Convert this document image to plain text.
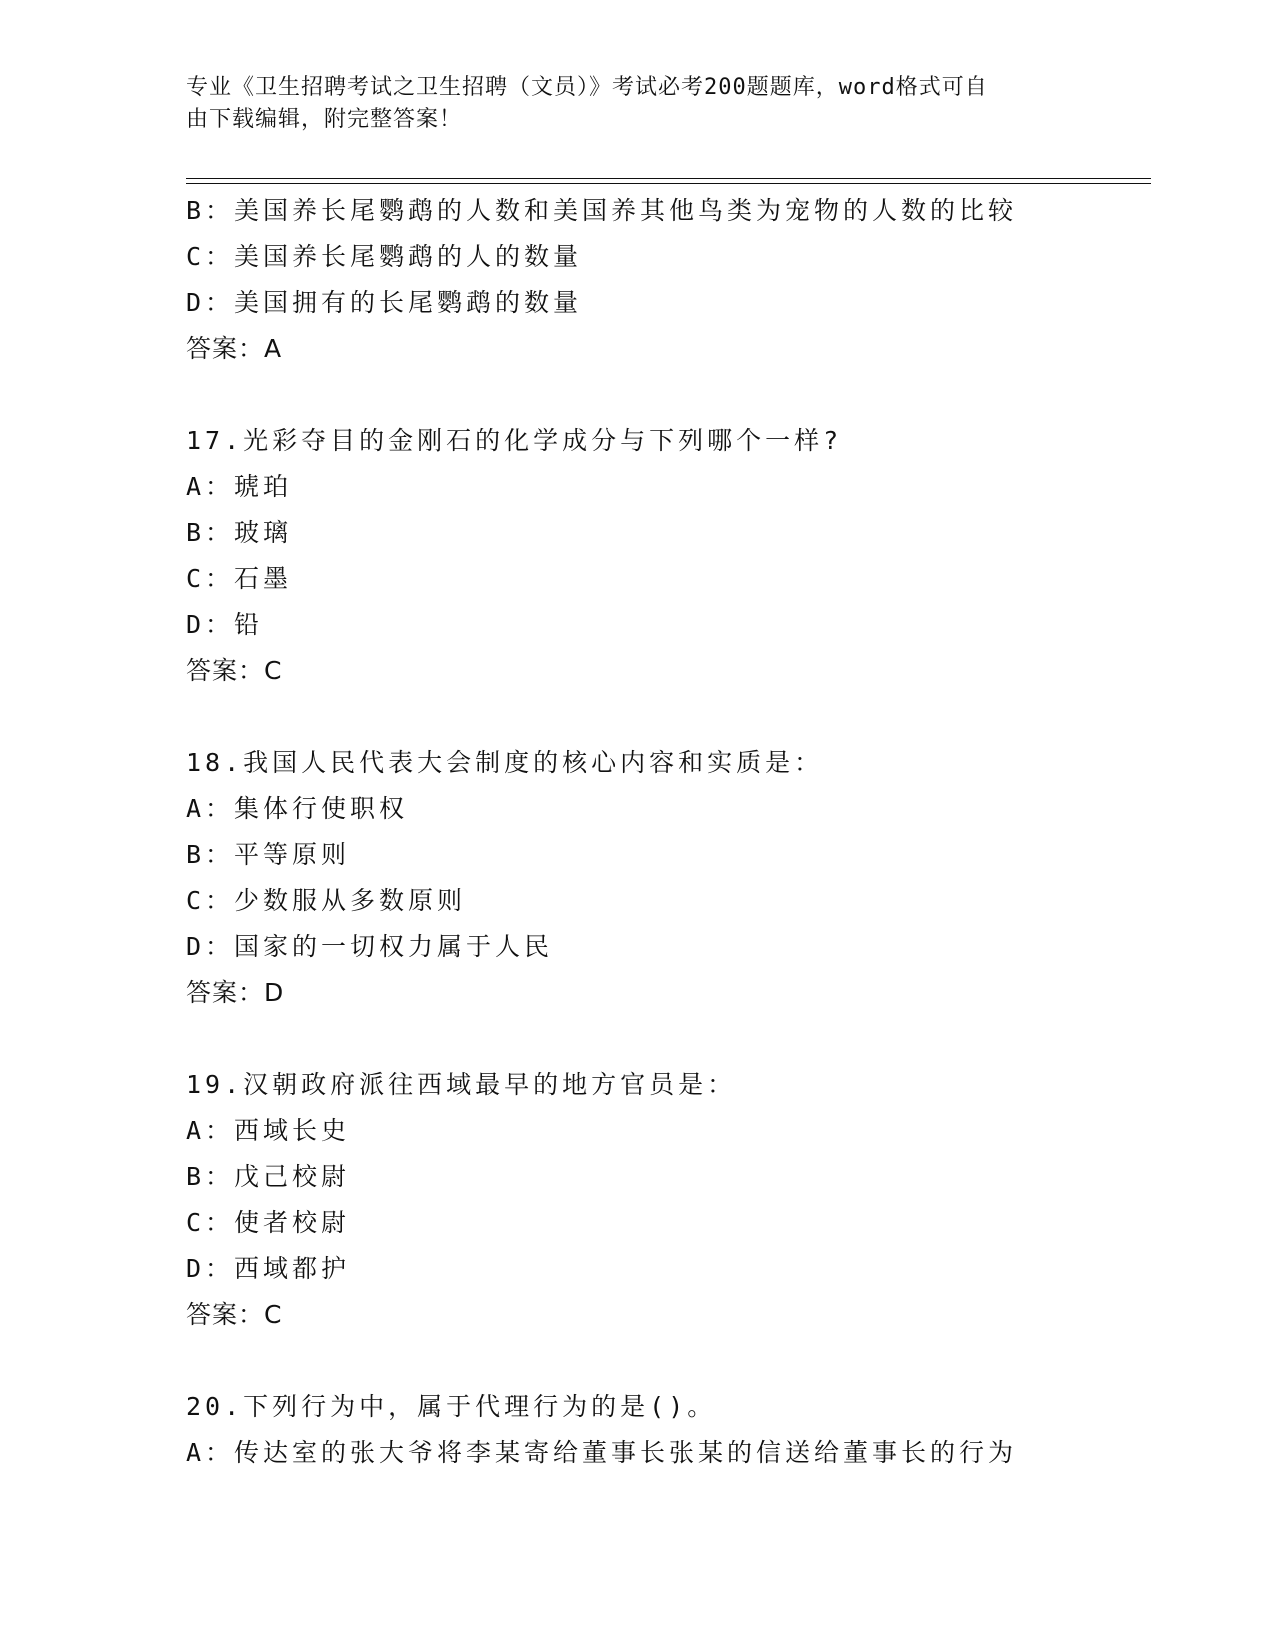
专业《卫生招聘考试之卫生招聘（文员）》考试必考200题题库，word格式可自
由下载编辑，附完整答案！
B：美国养长尾鹦鹉的人数和美国养其他鸟类为宠物的人数的比较
C：美国养长尾鹦鹉的人的数量
D：美国拥有的长尾鹦鹉的数量
答案：A
17.光彩夺目的金刚石的化学成分与下列哪个一样?
A：琥珀
B：玻璃
C：石墨
D：铅
答案：C
18.我国人民代表大会制度的核心内容和实质是：
A：集体行使职权
B：平等原则
C：少数服从多数原则
D：国家的一切权力属于人民
答案：D
19.汉朝政府派往西域最早的地方官员是：
A：西域长史
B：戊己校尉
C：使者校尉
D：西域都护
答案：C
20.下列行为中，属于代理行为的是()。
A：传达室的张大爷将李某寄给董事长张某的信送给董事长的行为
